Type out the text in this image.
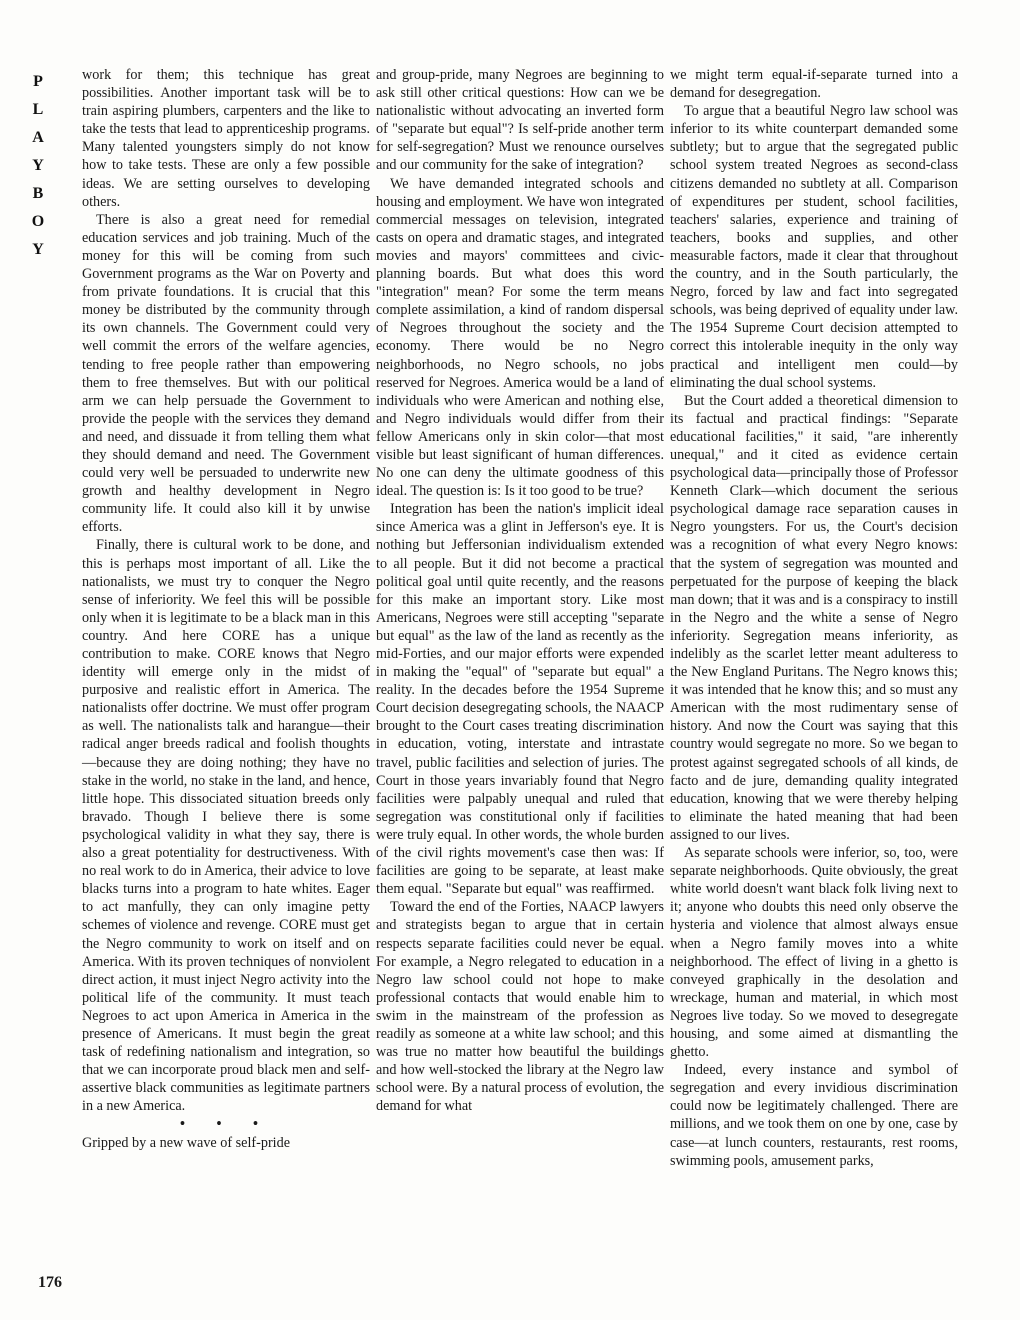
P
L
A
Y
B
O
Y

work for them; this technique has great possibilities. Another important task will be to train aspiring plumbers, carpenters and the like to take the tests that lead to apprenticeship programs. Many talented youngsters simply do not know how to take tests. These are only a few possible ideas. We are setting ourselves to developing others.

There is also a great need for remedial education services and job training. Much of the money for this will be coming from such Government programs as the War on Poverty and from private foundations. It is crucial that this money be distributed by the community through its own channels. The Government could very well commit the errors of the welfare agencies, tending to free people rather than empowering them to free themselves. But with our political arm we can help persuade the Government to provide the people with the services they demand and need, and dissuade it from telling them what they should demand and need. The Government could very well be persuaded to underwrite new growth and healthy development in Negro community life. It could also kill it by unwise efforts.

Finally, there is cultural work to be done, and this is perhaps most important of all. Like the nationalists, we must try to conquer the Negro sense of inferiority. We feel this will be possible only when it is legitimate to be a black man in this country. And here CORE has a unique contribution to make. CORE knows that Negro identity will emerge only in the midst of purposive and realistic effort in America. The nationalists offer doctrine. We must offer program as well. The nationalists talk and harangue—their radical anger breeds radical and foolish thoughts—because they are doing nothing; they have no stake in the world, no stake in the land, and hence, little hope. This dissociated situation breeds only bravado. Though I believe there is some psychological validity in what they say, there is also a great potentiality for destructiveness. With no real work to do in America, their advice to love blacks turns into a program to hate whites. Eager to act manfully, they can only imagine petty schemes of violence and revenge. CORE must get the Negro community to work on itself and on America. With its proven techniques of nonviolent direct action, it must inject Negro activity into the political life of the community. It must teach Negroes to act upon America in America in the presence of Americans. It must begin the great task of redefining nationalism and integration, so that we can incorporate proud black men and self-assertive black communities as legitimate partners in a new America.

• • •

Gripped by a new wave of self-pride

and group-pride, many Negroes are beginning to ask still other critical questions: How can we be nationalistic without advocating an inverted form of "separate but equal"? Is self-pride another term for self-segregation? Must we renounce ourselves and our community for the sake of integration?

We have demanded integrated schools and housing and employment. We have won integrated commercial messages on television, integrated casts on opera and dramatic stages, and integrated movies and mayors' committees and civic-planning boards. But what does this word "integration" mean? For some the term means complete assimilation, a kind of random dispersal of Negroes throughout the society and the economy. There would be no Negro neighborhoods, no Negro schools, no jobs reserved for Negroes. America would be a land of individuals who were American and nothing else, and Negro individuals would differ from their fellow Americans only in skin color—that most visible but least significant of human differences. No one can deny the ultimate goodness of this ideal. The question is: Is it too good to be true?

Integration has been the nation's implicit ideal since America was a glint in Jefferson's eye. It is nothing but Jeffersonian individualism extended to all people. But it did not become a practical political goal until quite recently, and the reasons for this make an important story. Like most Americans, Negroes were still accepting "separate but equal" as the law of the land as recently as the mid-Forties, and our major efforts were expended in making the "equal" of "separate but equal" a reality. In the decades before the 1954 Supreme Court decision desegregating schools, the NAACP brought to the Court cases treating discrimination in education, voting, interstate and intrastate travel, public facilities and selection of juries. The Court in those years invariably found that Negro facilities were palpably unequal and ruled that segregation was constitutional only if facilities were truly equal. In other words, the whole burden of the civil rights movement's case then was: If facilities are going to be separate, at least make them equal. "Separate but equal" was reaffirmed.

Toward the end of the Forties, NAACP lawyers and strategists began to argue that in certain respects separate facilities could never be equal. For example, a Negro relegated to education in a Negro law school could not hope to make professional contacts that would enable him to swim in the mainstream of the profession as readily as someone at a white law school; and this was true no matter how beautiful the buildings and how well-stocked the library at the Negro law school were. By a natural process of evolution, the demand for what

we might term equal-if-separate turned into a demand for desegregation.

To argue that a beautiful Negro law school was inferior to its white counterpart demanded some subtlety; but to argue that the segregated public school system treated Negroes as second-class citizens demanded no subtlety at all. Comparison of expenditures per student, school facilities, teachers' salaries, experience and training of teachers, books and supplies, and other measurable factors, made it clear that throughout the country, and in the South particularly, the Negro, forced by law and fact into segregated schools, was being deprived of equality under law. The 1954 Supreme Court decision attempted to correct this intolerable inequity in the only way practical and intelligent men could—by eliminating the dual school systems.

But the Court added a theoretical dimension to its factual and practical findings: "Separate educational facilities," it said, "are inherently unequal," and it cited as evidence certain psychological data—principally those of Professor Kenneth Clark—which document the serious psychological damage race separation causes in Negro youngsters. For us, the Court's decision was a recognition of what every Negro knows: that the system of segregation was mounted and perpetuated for the purpose of keeping the black man down; that it was and is a conspiracy to instill in the Negro and the white a sense of Negro inferiority. Segregation means inferiority, as indelibly as the scarlet letter meant adulteress to the New England Puritans. The Negro knows this; it was intended that he know this; and so must any American with the most rudimentary sense of history. And now the Court was saying that this country would segregate no more. So we began to protest against segregated schools of all kinds, de facto and de jure, demanding quality integrated education, knowing that we were thereby helping to eliminate the hated meaning that had been assigned to our lives.

As separate schools were inferior, so, too, were separate neighborhoods. Quite obviously, the great white world doesn't want black folk living next to it; anyone who doubts this need only observe the hysteria and violence that almost always ensue when a Negro family moves into a white neighborhood. The effect of living in a ghetto is conveyed graphically in the desolation and wreckage, human and material, in which most Negroes live today. So we moved to desegregate housing, and some aimed at dismantling the ghetto.

Indeed, every instance and symbol of segregation and every invidious discrimination could now be legitimately challenged. There are millions, and we took them on one by one, case by case—at lunch counters, restaurants, rest rooms, swimming pools, amusement parks,

176
